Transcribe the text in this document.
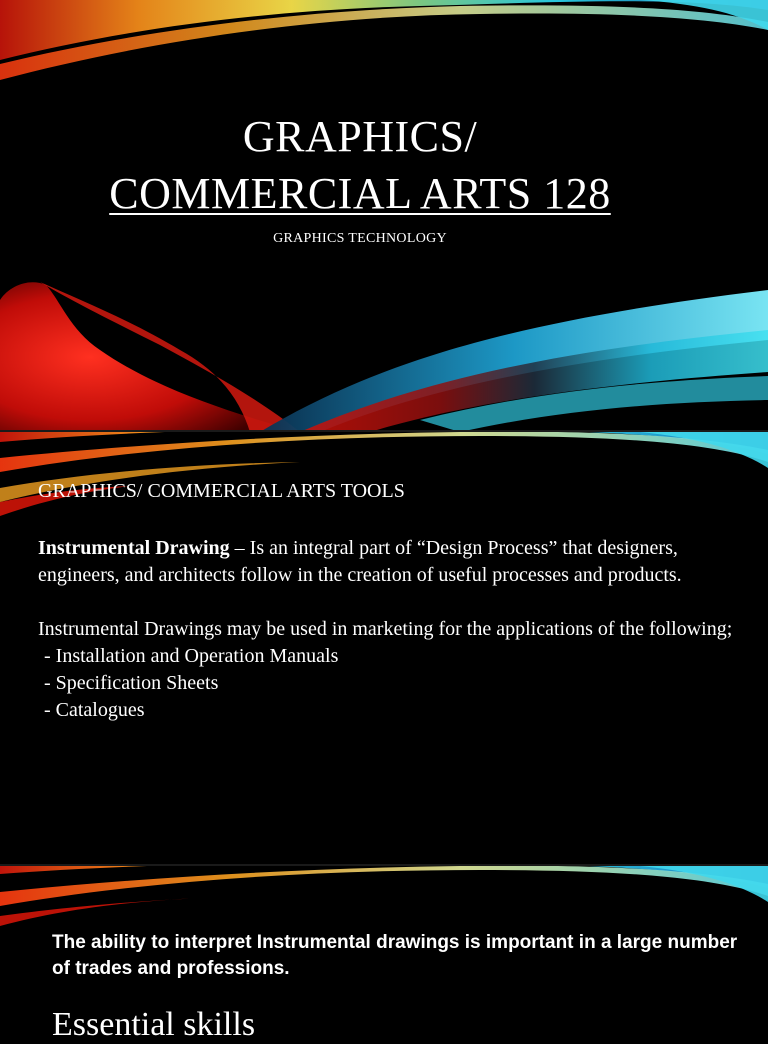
GRAPHICS/
COMMERCIAL ARTS 128
GRAPHICS TECHNOLOGY
GRAPHICS/ COMMERCIAL ARTS TOOLS

Instrumental Drawing – Is an integral part of “Design Process” that designers, engineers, and architects follow in the creation of useful processes and products.

Instrumental Drawings may be used in marketing for the applications of the following;

- Installation and Operation Manuals
- Specification Sheets
- Catalogues
The ability to interpret Instrumental drawings is important in a large number of trades and professions.
Essential skills
